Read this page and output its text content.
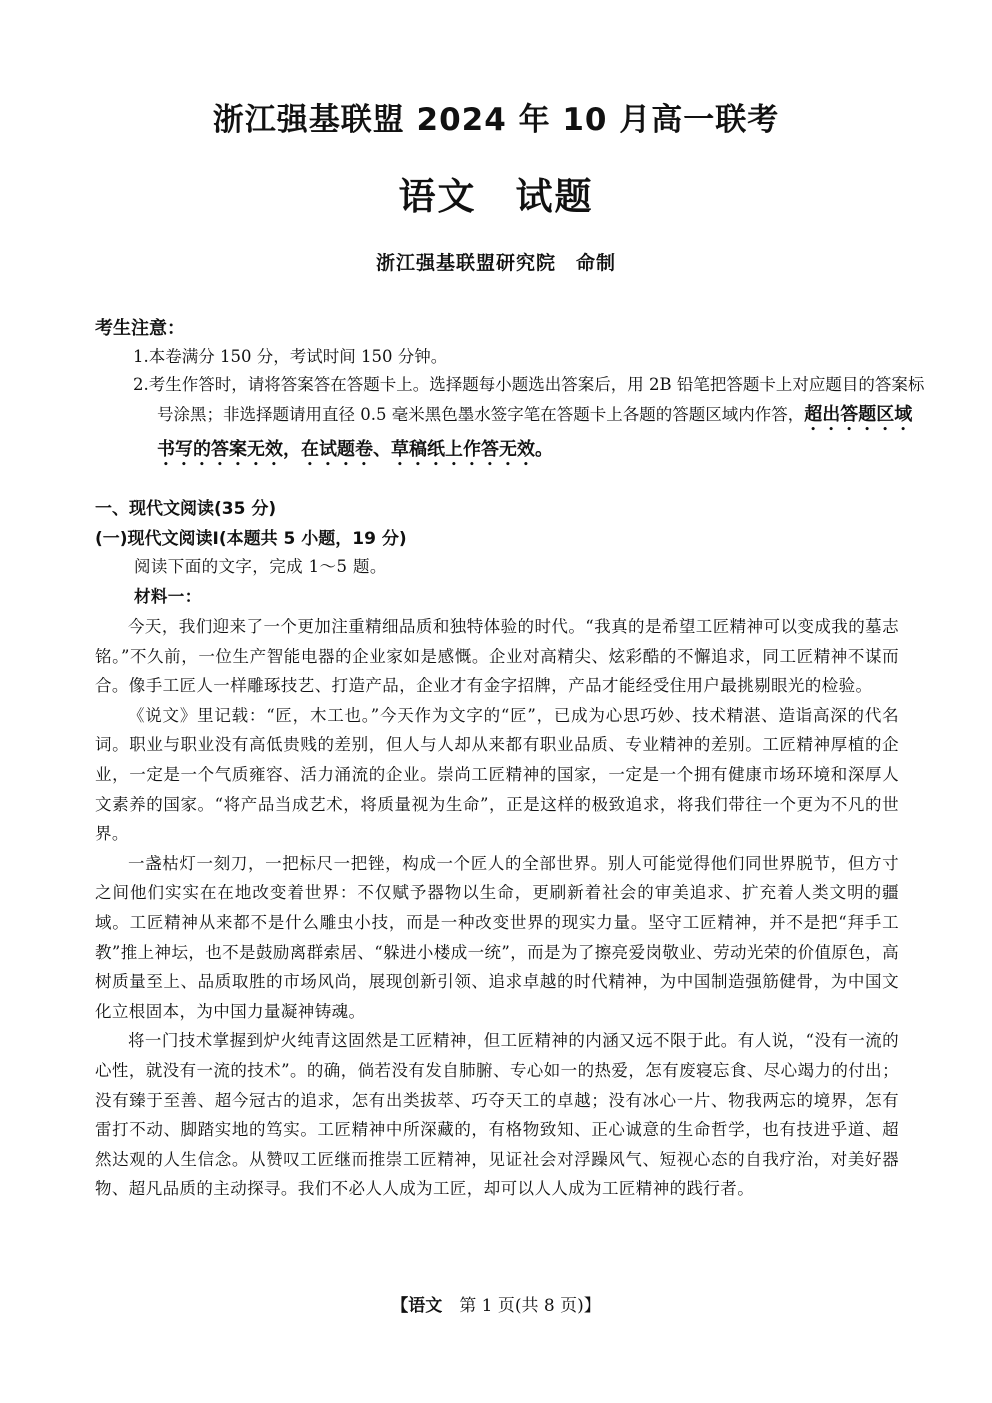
浙江强基联盟 2024 年 10 月高一联考
语文　试题
浙江强基联盟研究院　命制
考生注意：
1.本卷满分 150 分，考试时间 150 分钟。
2.考生作答时，请将答案答在答题卡上。选择题每小题选出答案后，用 2B 铅笔把答题卡上对应题目的答案标号涂黑；非选择题请用直径 0.5 毫米黑色墨水签字笔在答题卡上各题的答题区域内作答，超出答题区域书写的答案无效，在试题卷、草稿纸上作答无效。
一、现代文阅读(35 分)
(一)现代文阅读Ⅰ(本题共 5 小题，19 分)
阅读下面的文字，完成 1～5 题。
材料一：

今天，我们迎来了一个更加注重精细品质和独特体验的时代。“我真的是希望工匠精神可以变成我的墓志铭。”不久前，一位生产智能电器的企业家如是感慨。企业对高精尖、炫彩酷的不懈追求，同工匠精神不谋而合。像手工匠人一样雕琢技艺、打造产品，企业才有金字招牌，产品才能经受住用户最挑剔眼光的检验。

《说文》里记载：“匠，木工也。”今天作为文字的“匠”，已成为心思巧妙、技术精湛、造诣高深的代名词。职业与职业没有高低贵贱的差别，但人与人却从来都有职业品质、专业精神的差别。工匠精神厚植的企业，一定是一个气质雍容、活力涌流的企业。崇尚工匠精神的国家，一定是一个拥有健康市场环境和深厚人文素养的国家。“将产品当成艺术，将质量视为生命”，正是这样的极致追求，将我们带往一个更为不凡的世界。

一盏枯灯一刻刀，一把标尺一把锉，构成一个匠人的全部世界。别人可能觉得他们同世界脱节，但方寸之间他们实实在在地改变着世界：不仅赋予器物以生命，更刷新着社会的审美追求、扩充着人类文明的疆域。工匠精神从来都不是什么雕虫小技，而是一种改变世界的现实力量。坚守工匠精神，并不是把“拜手工教”推上神坛，也不是鼓励离群索居、“躲进小楼成一统”，而是为了擦亮爱岗敬业、劳动光荣的价值原色，高树质量至上、品质取胜的市场风尚，展现创新引领、追求卓越的时代精神，为中国制造强筋健骨，为中国文化立根固本，为中国力量凝神铸魂。

将一门技术掌握到炉火纯青这固然是工匠精神，但工匠精神的内涵又远不限于此。有人说，“没有一流的心性，就没有一流的技术”。的确，倘若没有发自肺腑、专心如一的热爱，怎有废寝忘食、尽心竭力的付出；没有臻于至善、超今冠古的追求，怎有出类拔萃、巧夺天工的卓越；没有冰心一片、物我两忘的境界，怎有雷打不动、脚踏实地的笃实。工匠精神中所深藏的，有格物致知、正心诚意的生命哲学，也有技进乎道、超然达观的人生信念。从赞叹工匠继而推崇工匠精神，见证社会对浮躁风气、短视心态的自我疗治，对美好器物、超凡品质的主动探寻。我们不必人人成为工匠，却可以人人成为工匠精神的践行者。

【语文　 第 1 页(共 8 页)】
